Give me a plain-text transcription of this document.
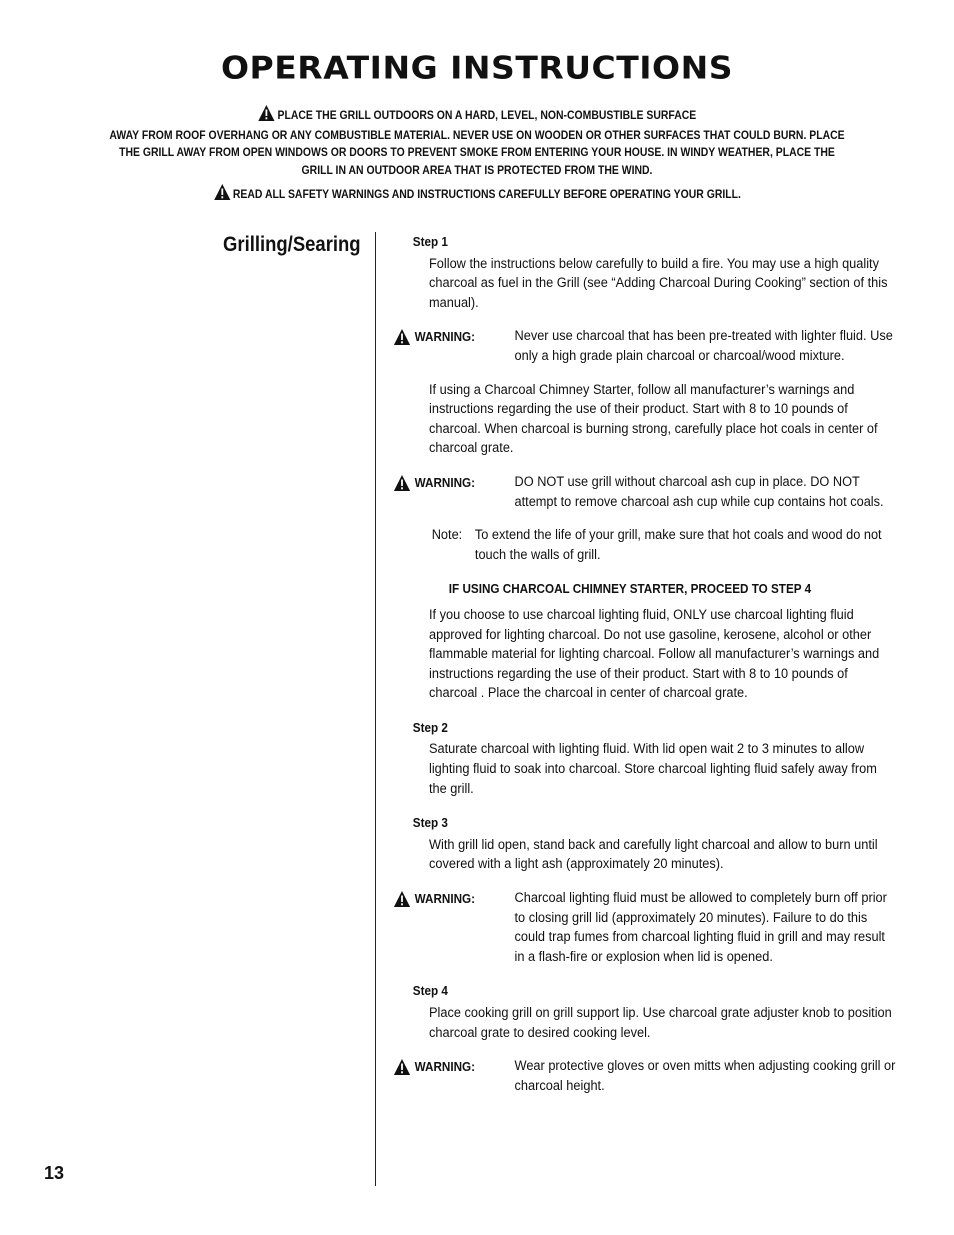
OPERATING INSTRUCTIONS
PLACE THE GRILL OUTDOORS ON A HARD, LEVEL, NON-COMBUSTIBLE SURFACE
AWAY FROM ROOF OVERHANG OR ANY COMBUSTIBLE MATERIAL. NEVER USE ON WOODEN OR OTHER SURFACES THAT COULD BURN. PLACE THE GRILL AWAY FROM OPEN WINDOWS OR DOORS TO PREVENT SMOKE FROM ENTERING YOUR HOUSE. IN WINDY WEATHER, PLACE THE GRILL IN AN OUTDOOR AREA THAT IS PROTECTED FROM THE WIND.
READ ALL SAFETY WARNINGS AND INSTRUCTIONS CAREFULLY BEFORE OPERATING YOUR GRILL.
Grilling/Searing	Step 1
Follow the instructions below carefully to build a fire. You may use a high quality charcoal as fuel in the Grill (see “Adding Charcoal During Cooking” section of this manual).
WARNING:	Never use charcoal that has been pre-treated with lighter fluid. Use only a high grade plain charcoal or charcoal/wood mixture.
If using a Charcoal Chimney Starter, follow all manufacturer’s warnings and instructions regarding the use of their product. Start with 8 to 10 pounds of charcoal. When charcoal is burning strong, carefully place hot coals in center of charcoal grate.
WARNING:	DO NOT use grill without charcoal ash cup in place. DO NOT attempt to remove charcoal ash cup while cup contains hot coals.
Note: To extend the life of your grill, make sure that hot coals and wood do not touch the walls of grill.
IF USING CHARCOAL CHIMNEY STARTER, PROCEED TO STEP 4
If you choose to use charcoal lighting fluid, ONLY use charcoal lighting fluid approved for lighting charcoal. Do not use gasoline, kerosene, alcohol or other flammable material for lighting charcoal. Follow all manufacturer’s warnings and instructions regarding the use of their product. Start with 8 to 10 pounds of charcoal . Place the charcoal in center of charcoal grate.
Step 2
Saturate charcoal with lighting fluid. With lid open wait 2 to 3 minutes to allow lighting fluid to soak into charcoal. Store charcoal lighting fluid safely away from the grill.
Step 3
With grill lid open, stand back and carefully light charcoal and allow to burn until covered with a light ash (approximately 20 minutes).
WARNING:	Charcoal lighting fluid must be allowed to completely burn off prior to closing grill lid (approximately 20 minutes). Failure to do this could trap fumes from charcoal lighting fluid in grill and may result in a flash-fire or explosion when lid is opened.
Step 4
Place cooking grill on grill support lip. Use charcoal grate adjuster knob to position charcoal grate to desired cooking level.
WARNING:	Wear protective gloves or oven mitts when adjusting cooking grill or charcoal height.
13
